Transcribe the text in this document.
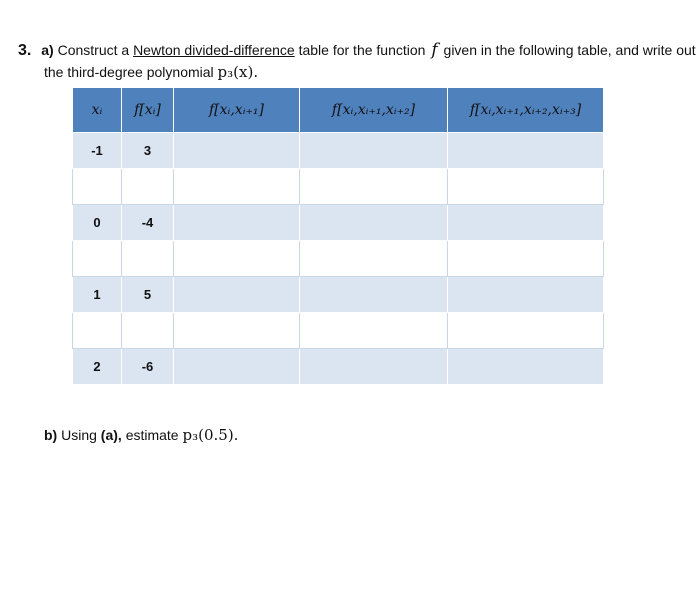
3. a) Construct a Newton divided-difference table for the function f given in the following table, and write out
the third-degree polynomial p₃(x).
xᵢ	f[xᵢ]	f[xᵢ,xᵢ₊₁]	f[xᵢ,xᵢ₊₁,xᵢ₊₂]	f[xᵢ,xᵢ₊₁,xᵢ₊₂,xᵢ₊₃]
-1	3			

0	-4			

1	5			

2	-6			
b) Using (a), estimate p₃(0.5).
